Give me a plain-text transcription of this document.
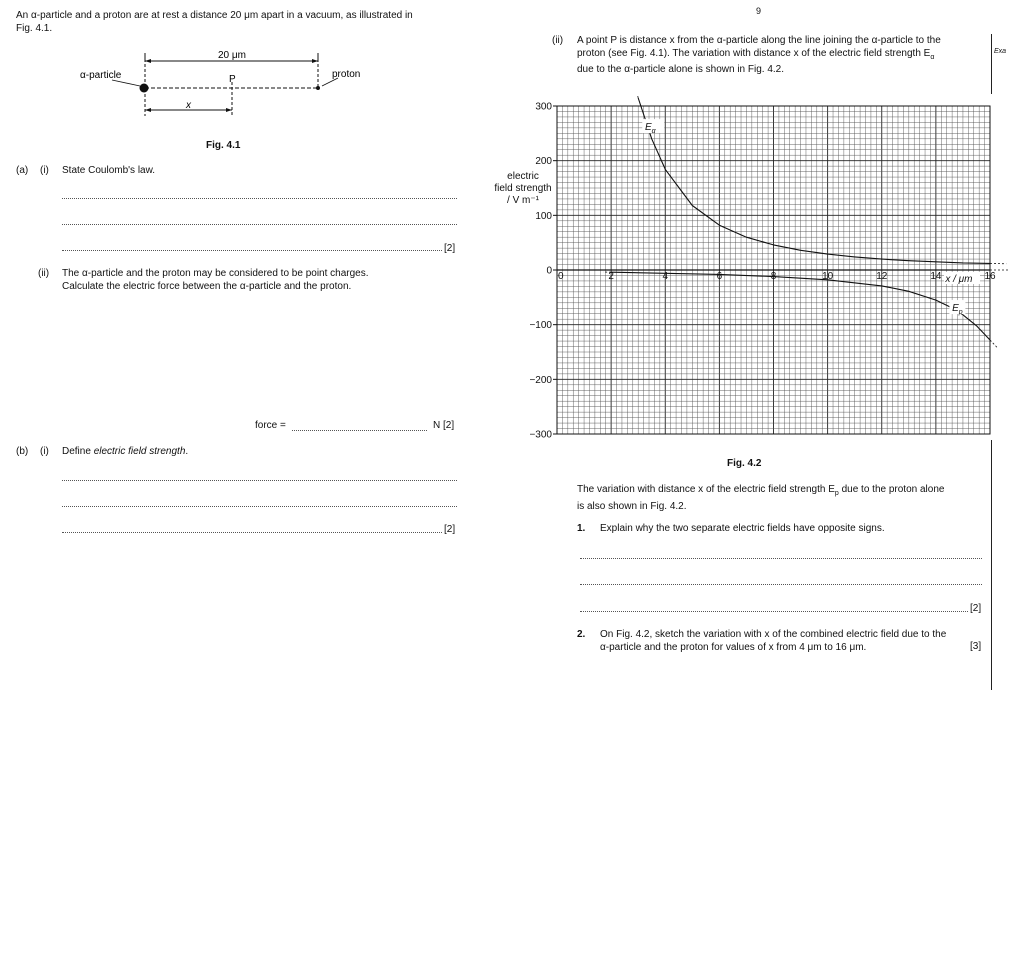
An α-particle and a proton are at rest a distance 20 μm apart in a vacuum, as illustrated in
Fig. 4.1.
20 μm
α-particle	proton
P
x
Fig. 4.1
(a) (i) State Coulomb's law.
[2]
(ii) The α-particle and the proton may be considered to be point charges.
Calculate the electric force between the α-particle and the proton.
force =	N [2]
(b) (i) Define electric field strength.
[2]
9
(ii) A point P is distance x from the α-particle along the line joining the α-particle to the
proton (see Fig. 4.1). The variation with distance x of the electric field strength $E_\alpha$
due to the α-particle alone is shown in Fig. 4.2.
Exa
electric
field strength
/ V m⁻¹
300
200
100
0
−100
−200
−300
0	2	4	6	8	10	12	14	16
$E_\alpha$
$E_p$
x / μm
Fig. 4.2
The variation with distance x of the electric field strength $E_p$ due to the proton alone
is also shown in Fig. 4.2.
1. Explain why the two separate electric fields have opposite signs.
[2]
2. On Fig. 4.2, sketch the variation with x of the combined electric field due to the
α-particle and the proton for values of x from 4 μm to 16 μm.	[3]
